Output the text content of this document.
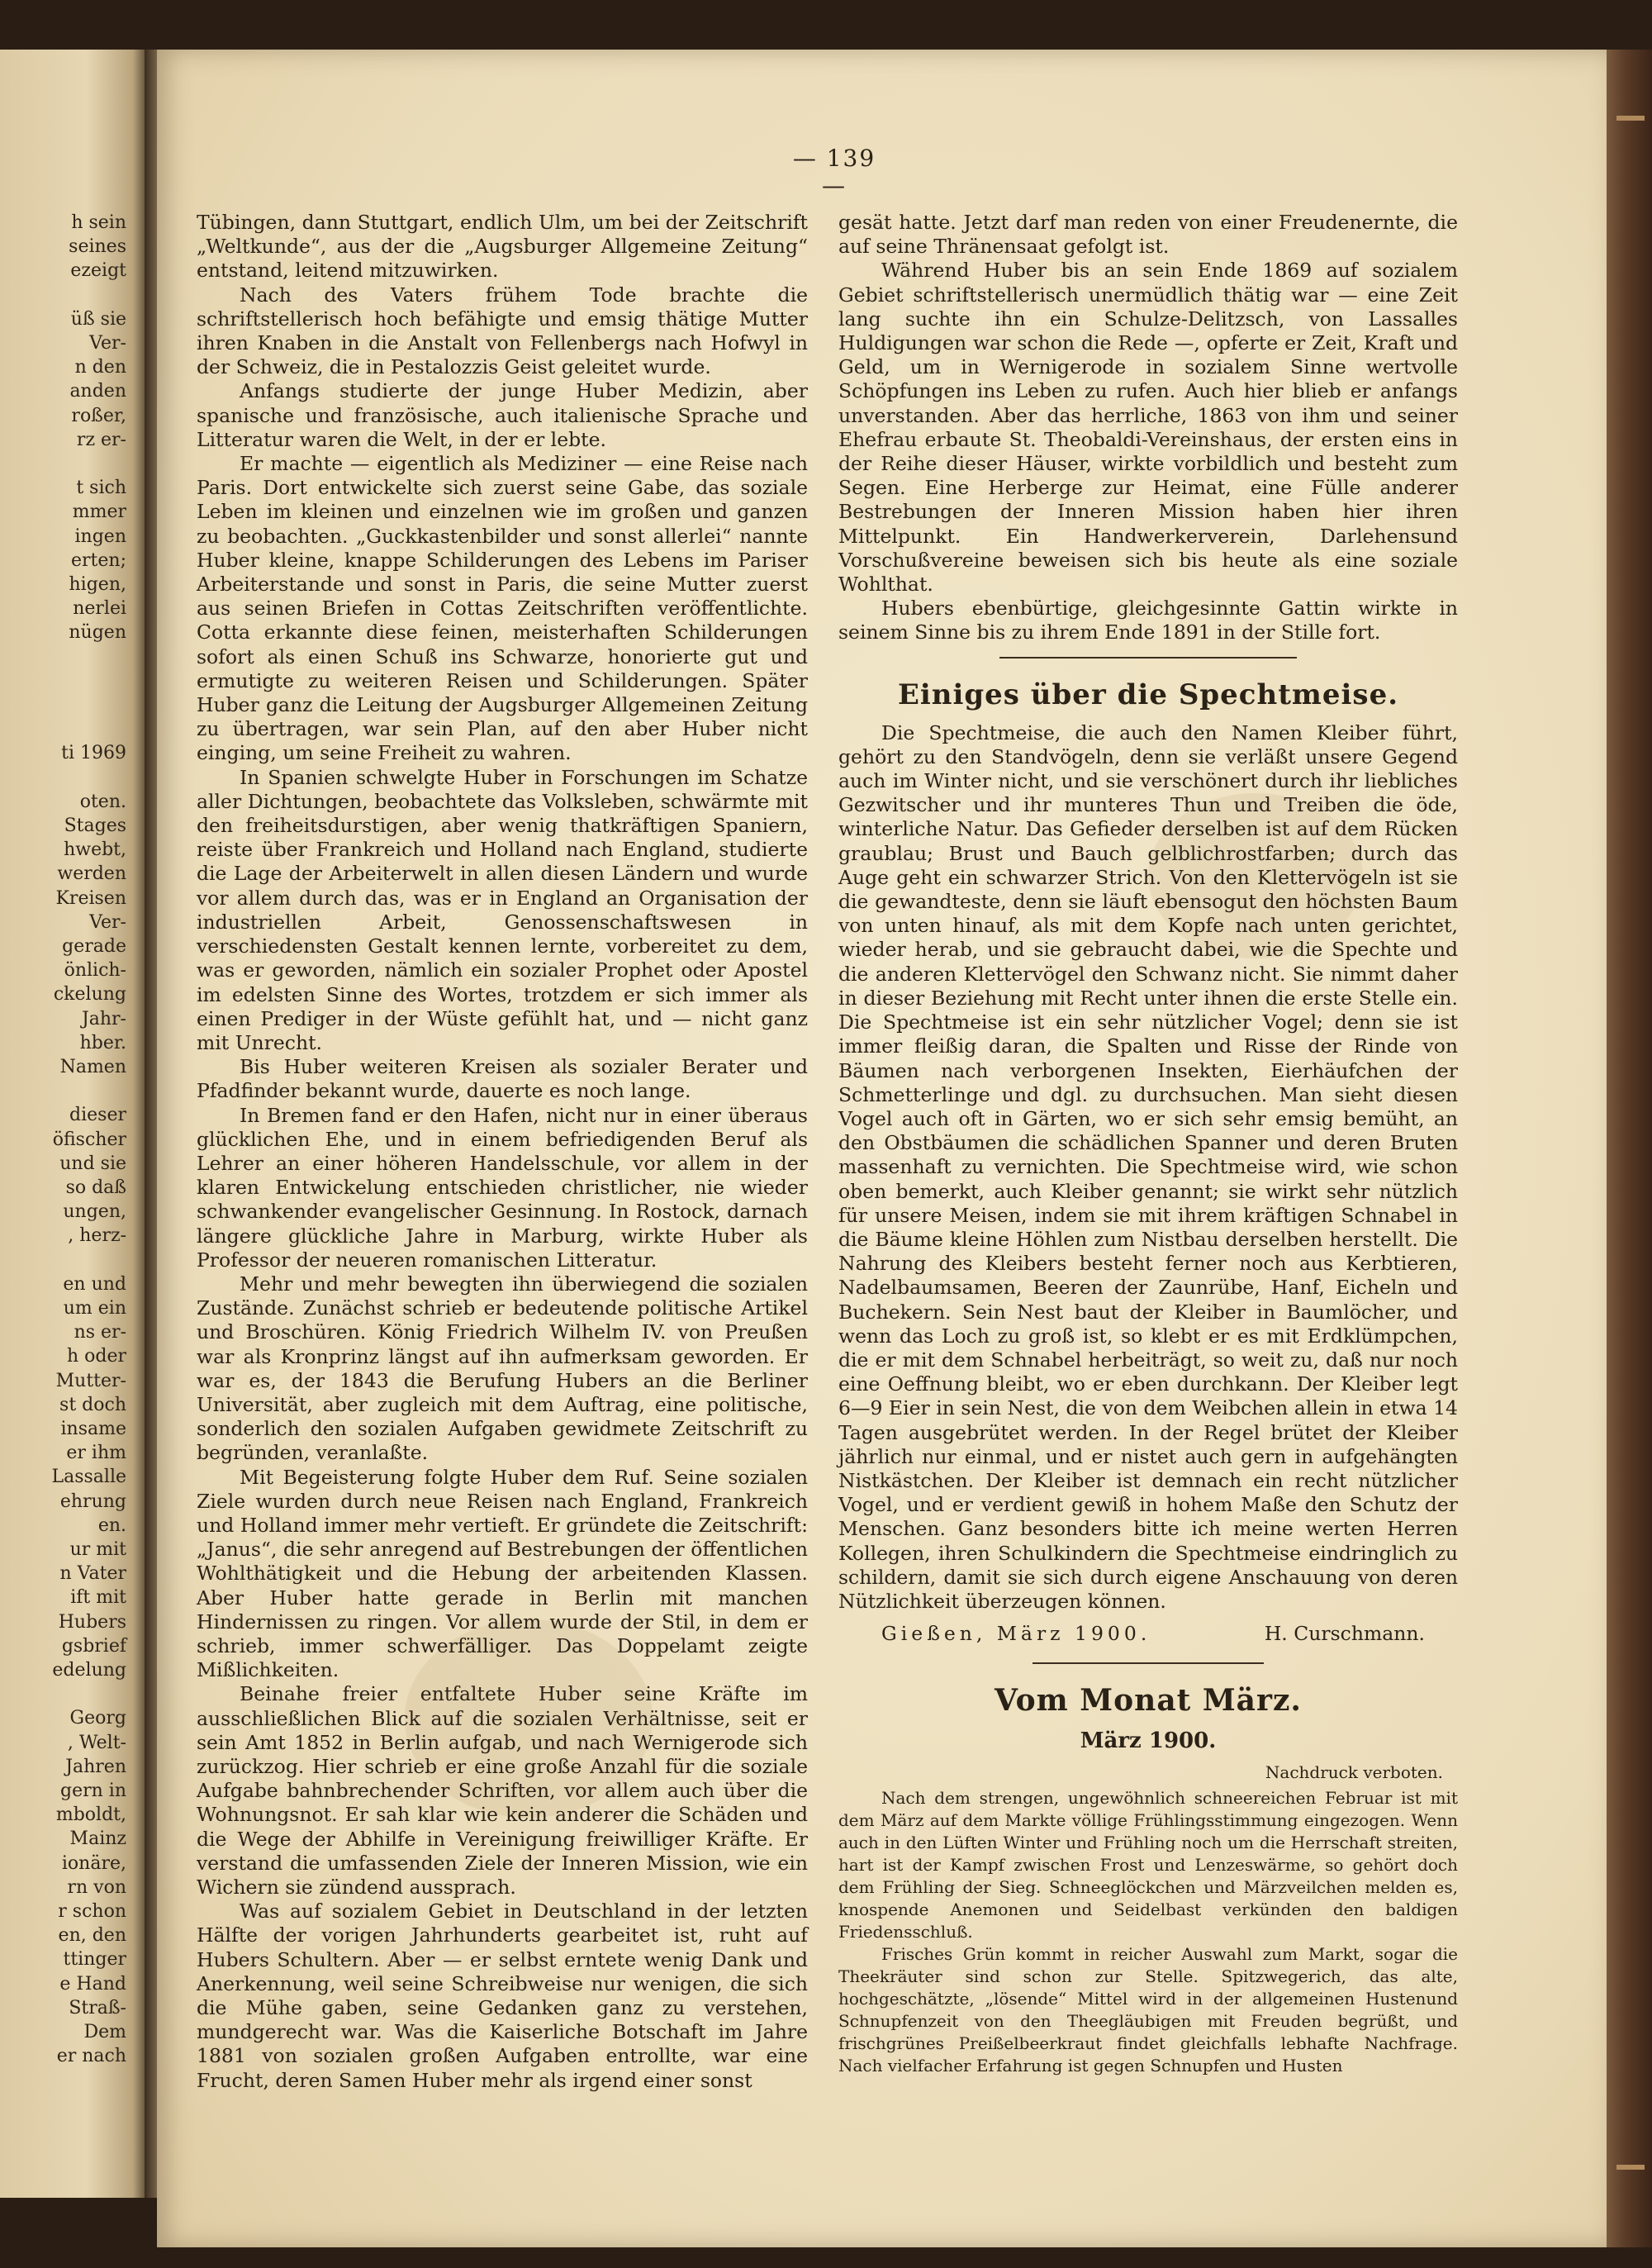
h sein
seines
ezeigt
üß sie
Ver-
n den
anden
roßer,
rz er-
t sich
mmer
ingen
erten;
higen,
nerlei
nügen
ti 1969
oten.
Stages
hwebt,
werden
Kreisen
Ver-
gerade
önlich-
ckelung
Jahr-
hber.
Namen
dieser
öfischer
und sie
so daß
ungen,
, herz-
en und
um ein
ns er-
h oder
Mutter-
st doch
insame
er ihm
Lassalle
ehrung
en.
ur mit
n Vater
ift mit
Hubers
gsbrief
edelung
Georg
, Welt-
Jahren
gern in
mboldt,
Mainz
ionäre,
rn von
r schon
en, den
ttinger
e Hand
Straß-
Dem
er nach
— 139 —

Tübingen, dann Stuttgart, endlich Ulm, um bei der Zeitschrift „Weltkunde“, aus der die „Augsburger Allgemeine Zeitung“ entstand, leitend mitzuwirken.

Nach des Vaters frühem Tode brachte die schriftstellerisch hoch befähigte und emsig thätige Mutter ihren Knaben in die Anstalt von Fellenbergs nach Hofwyl in der Schweiz, die in Pestalozzis Geist geleitet wurde.

Anfangs studierte der junge Huber Medizin, aber spanische und französische, auch italienische Sprache und Litteratur waren die Welt, in der er lebte.

Er machte — eigentlich als Mediziner — eine Reise nach Paris. Dort entwickelte sich zuerst seine Gabe, das soziale Leben im kleinen und einzelnen wie im großen und ganzen zu beobachten. „Guckkastenbilder und sonst allerlei“ nannte Huber kleine, knappe Schilderungen des Lebens im Pariser Arbeiterstande und sonst in Paris, die seine Mutter zuerst aus seinen Briefen in Cottas Zeitschriften veröffentlichte. Cotta erkannte diese feinen, meisterhaften Schilderungen sofort als einen Schuß ins Schwarze, honorierte gut und ermutigte zu weiteren Reisen und Schilderungen. Später Huber ganz die Leitung der Augsburger Allgemeinen Zeitung zu übertragen, war sein Plan, auf den aber Huber nicht einging, um seine Freiheit zu wahren.

In Spanien schwelgte Huber in Forschungen im Schatze aller Dichtungen, beobachtete das Volksleben, schwärmte mit den freiheitsdurstigen, aber wenig thatkräftigen Spaniern, reiste über Frankreich und Holland nach England, studierte die Lage der Arbeiterwelt in allen diesen Ländern und wurde vor allem durch das, was er in England an Organisation der industriellen Arbeit, Genossenschaftswesen in verschiedensten Gestalt kennen lernte, vorbereitet zu dem, was er geworden, nämlich ein sozialer Prophet oder Apostel im edelsten Sinne des Wortes, trotzdem er sich immer als einen Prediger in der Wüste gefühlt hat, und — nicht ganz mit Unrecht.

Bis Huber weiteren Kreisen als sozialer Berater und Pfadfinder bekannt wurde, dauerte es noch lange.

In Bremen fand er den Hafen, nicht nur in einer überaus glücklichen Ehe, und in einem befriedigenden Beruf als Lehrer an einer höheren Handelsschule, vor allem in der klaren Entwickelung entschieden christlicher, nie wieder schwankender evangelischer Gesinnung. In Rostock, darnach längere glückliche Jahre in Marburg, wirkte Huber als Professor der neueren romanischen Litteratur.

Mehr und mehr bewegten ihn überwiegend die sozialen Zustände. Zunächst schrieb er bedeutende politische Artikel und Broschüren. König Friedrich Wilhelm IV. von Preußen war als Kronprinz längst auf ihn aufmerksam geworden. Er war es, der 1843 die Berufung Hubers an die Berliner Universität, aber zugleich mit dem Auftrag, eine politische, sonderlich den sozialen Aufgaben gewidmete Zeitschrift zu begründen, veranlaßte.

Mit Begeisterung folgte Huber dem Ruf. Seine sozialen Ziele wurden durch neue Reisen nach England, Frankreich und Holland immer mehr vertieft. Er gründete die Zeitschrift: „Janus“, die sehr anregend auf Bestrebungen der öffentlichen Wohlthätigkeit und die Hebung der arbeitenden Klassen. Aber Huber hatte gerade in Berlin mit manchen Hindernissen zu ringen. Vor allem wurde der Stil, in dem er schrieb, immer schwerfälliger. Das Doppelamt zeigte Mißlichkeiten.

Beinahe freier entfaltete Huber seine Kräfte im ausschließlichen Blick auf die sozialen Verhältnisse, seit er sein Amt 1852 in Berlin aufgab, und nach Wernigerode sich zurückzog. Hier schrieb er eine große Anzahl für die soziale Aufgabe bahnbrechender Schriften, vor allem auch über die Wohnungsnot. Er sah klar wie kein anderer die Schäden und die Wege der Abhilfe in Vereinigung freiwilliger Kräfte. Er verstand die umfassenden Ziele der Inneren Mission, wie ein Wichern sie zündend aussprach.

Was auf sozialem Gebiet in Deutschland in der letzten Hälfte der vorigen Jahrhunderts gearbeitet ist, ruht auf Hubers Schultern. Aber — er selbst erntete wenig Dank und Anerkennung, weil seine Schreibweise nur wenigen, die sich die Mühe gaben, seine Gedanken ganz zu verstehen, mundgerecht war. Was die Kaiserliche Botschaft im Jahre 1881 von sozialen großen Aufgaben entrollte, war eine Frucht, deren Samen Huber mehr als irgend einer sonst

gesät hatte. Jetzt darf man reden von einer Freudenernte, die auf seine Thränensaat gefolgt ist.

Während Huber bis an sein Ende 1869 auf sozialem Gebiet schriftstellerisch unermüdlich thätig war — eine Zeit lang suchte ihn ein Schulze-Delitzsch, von Lassalles Huldigungen war schon die Rede —, opferte er Zeit, Kraft und Geld, um in Wernigerode in sozialem Sinne wertvolle Schöpfungen ins Leben zu rufen. Auch hier blieb er anfangs unverstanden. Aber das herrliche, 1863 von ihm und seiner Ehefrau erbaute St. Theobaldi-Vereinshaus, der ersten eins in der Reihe dieser Häuser, wirkte vorbildlich und besteht zum Segen. Eine Herberge zur Heimat, eine Fülle anderer Bestrebungen der Inneren Mission haben hier ihren Mittelpunkt. Ein Handwerkerverein, Darlehensund Vorschußvereine beweisen sich bis heute als eine soziale Wohlthat.

Hubers ebenbürtige, gleichgesinnte Gattin wirkte in seinem Sinne bis zu ihrem Ende 1891 in der Stille fort.

Einiges über die Spechtmeise.

Die Spechtmeise, die auch den Namen Kleiber führt, gehört zu den Standvögeln, denn sie verläßt unsere Gegend auch im Winter nicht, und sie verschönert durch ihr liebliches Gezwitscher und ihr munteres Thun und Treiben die öde, winterliche Natur. Das Gefieder derselben ist auf dem Rücken graublau; Brust und Bauch gelblichrostfarben; durch das Auge geht ein schwarzer Strich. Von den Klettervögeln ist sie die gewandteste, denn sie läuft ebensogut den höchsten Baum von unten hinauf, als mit dem Kopfe nach unten gerichtet, wieder herab, und sie gebraucht dabei, wie die Spechte und die anderen Klettervögel den Schwanz nicht. Sie nimmt daher in dieser Beziehung mit Recht unter ihnen die erste Stelle ein. Die Spechtmeise ist ein sehr nützlicher Vogel; denn sie ist immer fleißig daran, die Spalten und Risse der Rinde von Bäumen nach verborgenen Insekten, Eierhäufchen der Schmetterlinge und dgl. zu durchsuchen. Man sieht diesen Vogel auch oft in Gärten, wo er sich sehr emsig bemüht, an den Obstbäumen die schädlichen Spanner und deren Bruten massenhaft zu vernichten. Die Spechtmeise wird, wie schon oben bemerkt, auch Kleiber genannt; sie wirkt sehr nützlich für unsere Meisen, indem sie mit ihrem kräftigen Schnabel in die Bäume kleine Höhlen zum Nistbau derselben herstellt. Die Nahrung des Kleibers besteht ferner noch aus Kerbtieren, Nadelbaumsamen, Beeren der Zaunrübe, Hanf, Eicheln und Buchekern. Sein Nest baut der Kleiber in Baumlöcher, und wenn das Loch zu groß ist, so klebt er es mit Erdklümpchen, die er mit dem Schnabel herbeiträgt, so weit zu, daß nur noch eine Oeffnung bleibt, wo er eben durchkann. Der Kleiber legt 6—9 Eier in sein Nest, die von dem Weibchen allein in etwa 14 Tagen ausgebrütet werden. In der Regel brütet der Kleiber jährlich nur einmal, und er nistet auch gern in aufgehängten Nistkästchen. Der Kleiber ist demnach ein recht nützlicher Vogel, und er verdient gewiß in hohem Maße den Schutz der Menschen. Ganz besonders bitte ich meine werten Herren Kollegen, ihren Schulkindern die Spechtmeise eindringlich zu schildern, damit sie sich durch eigene Anschauung von deren Nützlichkeit überzeugen können.

Gießen, März 1900.	H. Curschmann.
Vom Monat März.
März 1900.
Nachdruck verboten.

Nach dem strengen, ungewöhnlich schneereichen Februar ist mit dem März auf dem Markte völlige Frühlingsstimmung eingezogen. Wenn auch in den Lüften Winter und Frühling noch um die Herrschaft streiten, hart ist der Kampf zwischen Frost und Lenzeswärme, so gehört doch dem Frühling der Sieg. Schneeglöckchen und Märzveilchen melden es, knospende Anemonen und Seidelbast verkünden den baldigen Friedensschluß.

Frisches Grün kommt in reicher Auswahl zum Markt, sogar die Theekräuter sind schon zur Stelle. Spitzwegerich, das alte, hochgeschätzte, „lösende“ Mittel wird in der allgemeinen Hustenund Schnupfenzeit von den Theegläubigen mit Freuden begrüßt, und frischgrünes Preißelbeerkraut findet gleichfalls lebhafte Nachfrage. Nach vielfacher Erfahrung ist gegen Schnupfen und Husten
